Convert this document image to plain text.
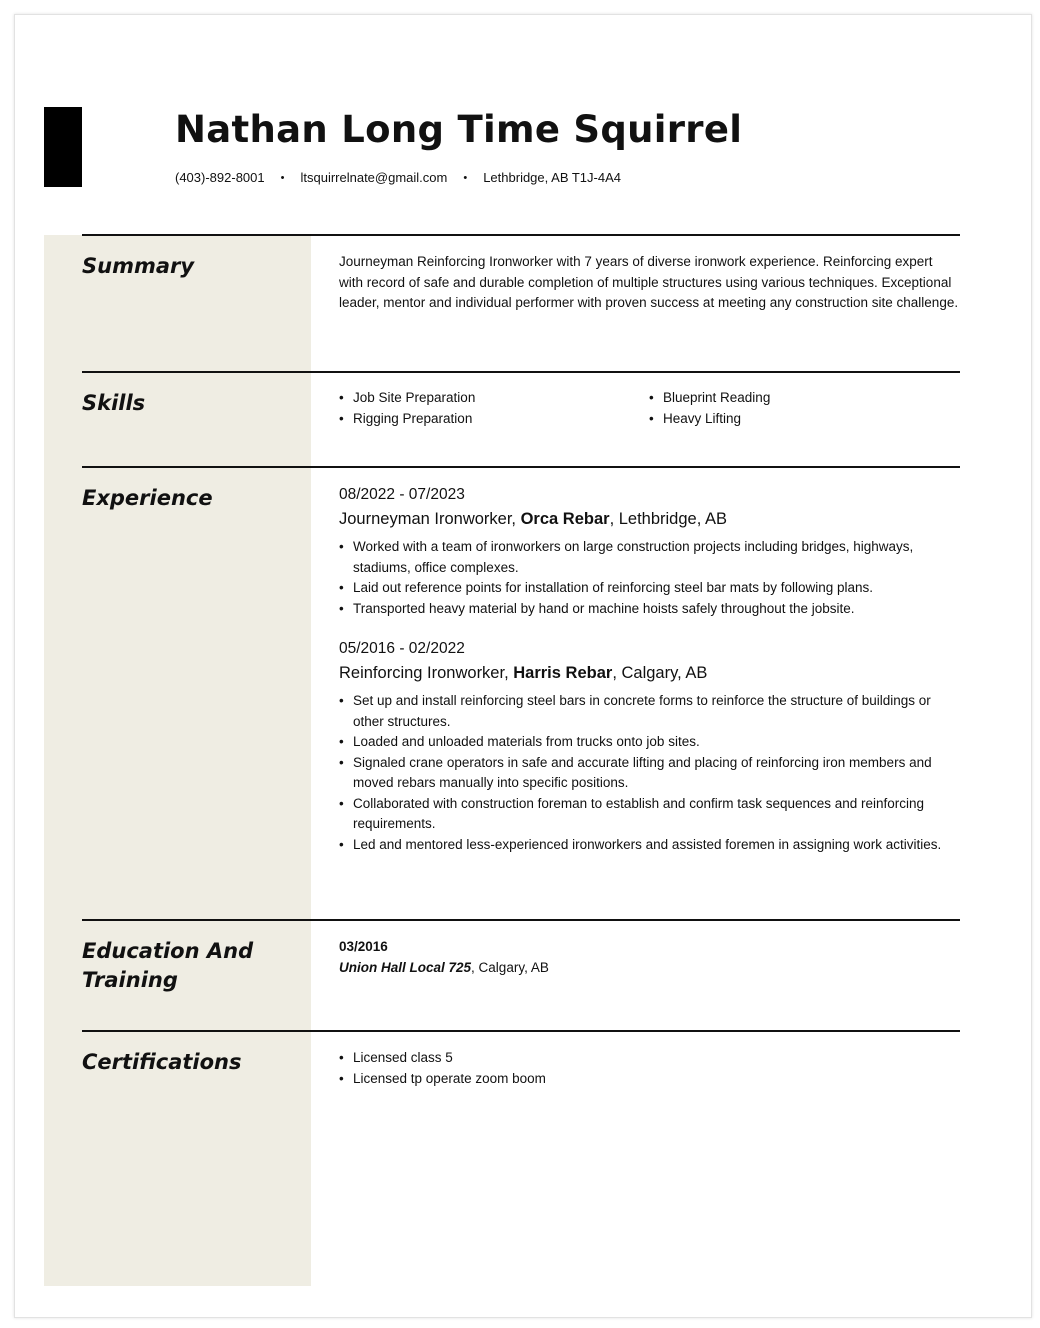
Nathan Long Time Squirrel
(403)-892-8001 • ltsquirrelnate@gmail.com • Lethbridge, AB T1J-4A4
Summary	Journeyman Reinforcing Ironworker with 7 years of diverse ironwork experience. Reinforcing expert with record of safe and durable completion of multiple structures using various techniques. Exceptional leader, mentor and individual performer with proven success at meeting any construction site challenge.
Skills	• Job Site Preparation
• Rigging Preparation
• Blueprint Reading
• Heavy Lifting
Experience	08/2022 - 07/2023
Journeyman Ironworker, Orca Rebar, Lethbridge, AB
• Worked with a team of ironworkers on large construction projects including bridges, highways, stadiums, office complexes.
• Laid out reference points for installation of reinforcing steel bar mats by following plans.
• Transported heavy material by hand or machine hoists safely throughout the jobsite.
05/2016 - 02/2022
Reinforcing Ironworker, Harris Rebar, Calgary, AB
• Set up and install reinforcing steel bars in concrete forms to reinforce the structure of buildings or other structures.
• Loaded and unloaded materials from trucks onto job sites.
• Signaled crane operators in safe and accurate lifting and placing of reinforcing iron members and moved rebars manually into specific positions.
• Collaborated with construction foreman to establish and confirm task sequences and reinforcing requirements.
• Led and mentored less-experienced ironworkers and assisted foremen in assigning work activities.
Education And Training
03/2016
Union Hall Local 725, Calgary, AB
Certifications	• Licensed class 5
• Licensed tp operate zoom boom
